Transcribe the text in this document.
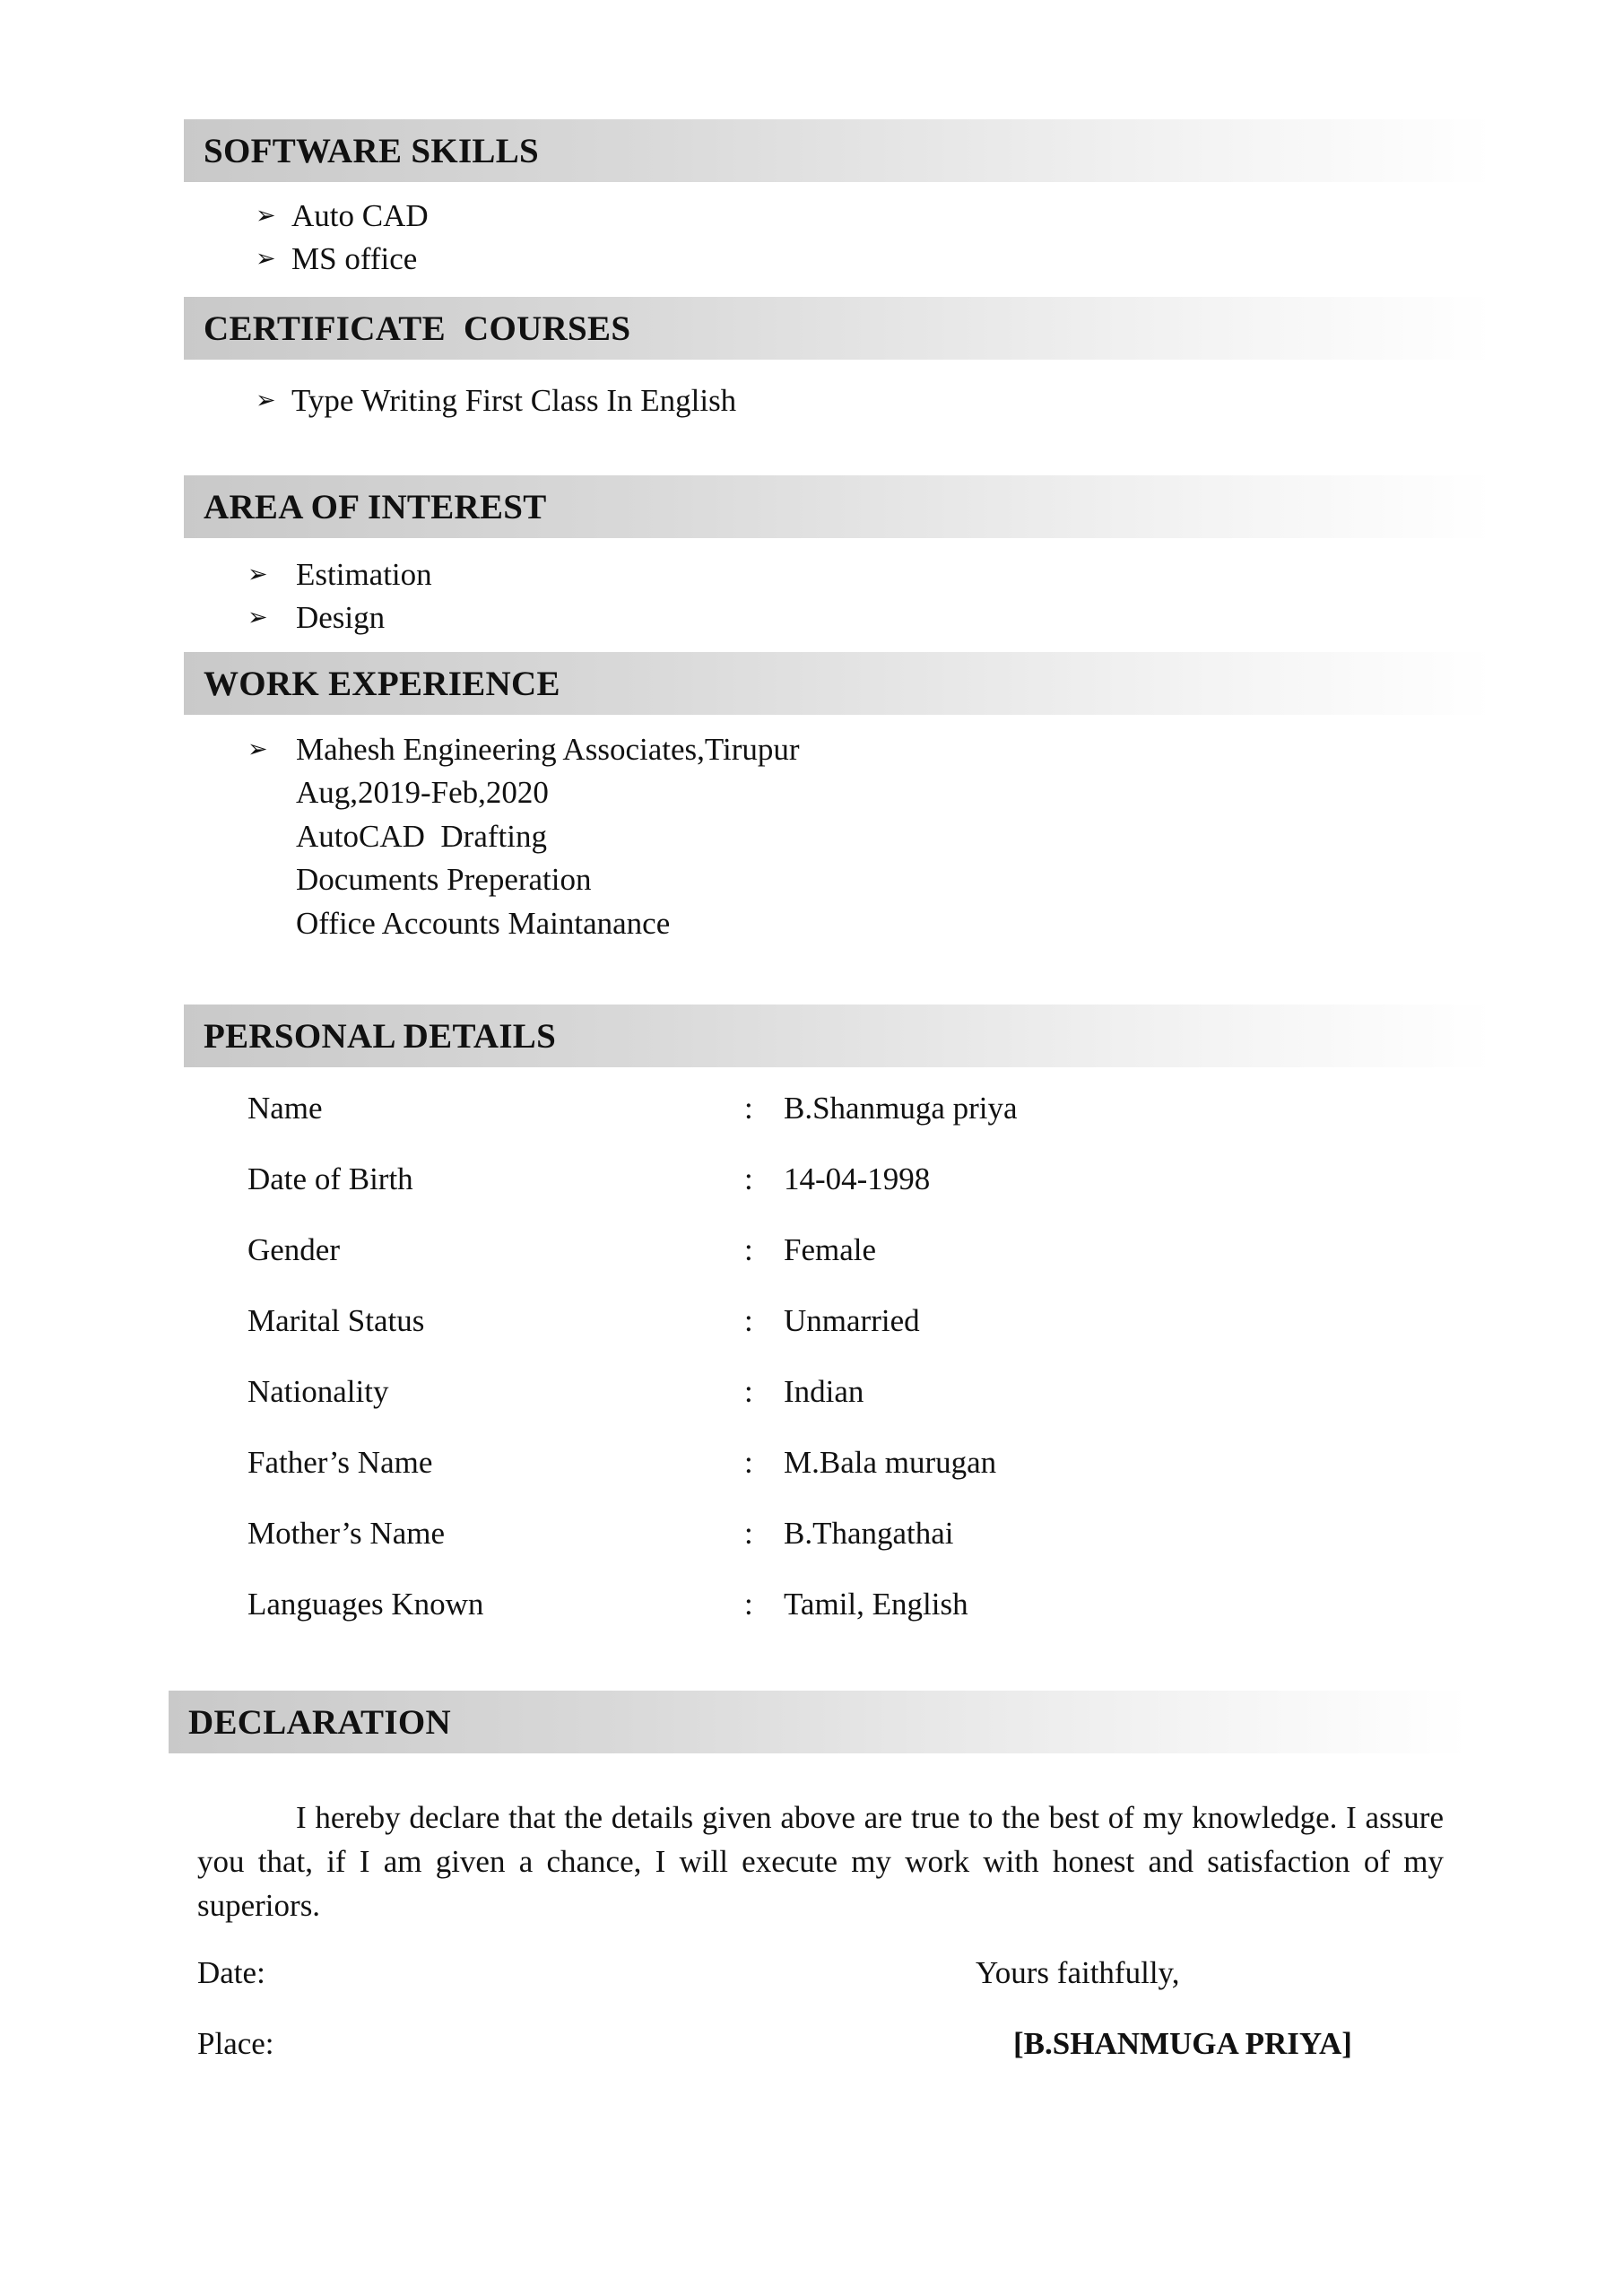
SOFTWARE SKILLS
➢ Auto CAD
➢ MS office
CERTIFICATE  COURSES
➢ Type Writing First Class In English
AREA OF INTEREST
➢ Estimation
➢ Design
WORK EXPERIENCE
➢ Mahesh Engineering Associates,Tirupur
Aug,2019-Feb,2020
AutoCAD  Drafting
Documents Preperation
Office Accounts Maintanance
PERSONAL DETAILS
Name	: B.Shanmuga priya
Date of Birth	: 14-04-1998
Gender	: Female
Marital Status	: Unmarried
Nationality	: Indian
Father’s Name	: M.Bala murugan
Mother’s Name	: B.Thangathai
Languages Known	: Tamil, English
DECLARATION

I hereby declare that the details given above are true to the best of my knowledge. I assure you that, if I am given a chance, I will execute my work with honest and satisfaction of my superiors.

Date:	Yours faithfully,
Place:	[B.SHANMUGA PRIYA]
